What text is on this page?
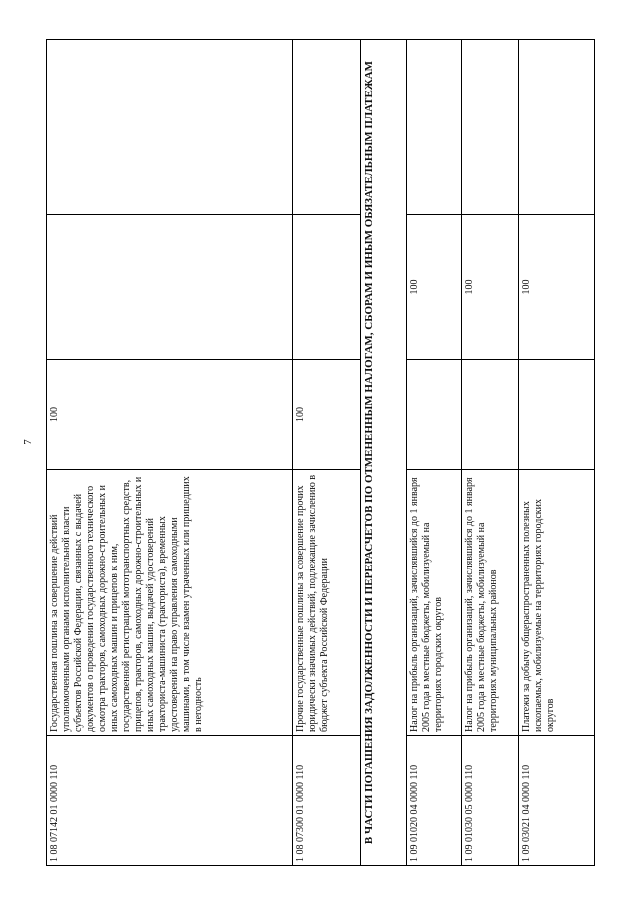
7
1 08 07142 01 0000 110	Государственная пошлина за совершение действий уполномоченными органами исполнительной власти субъектов Российской Федерации, связанных с выдачей документов о проведении государственного технического осмотра тракторов, самоходных дорожно-строительных и иных самоходных машин и прицепов к ним, государственной регистрацией мототранспортных средств, прицепов, тракторов, самоходных дорожно-строительных и иных самоходных машин, выдачей удостоверений тракториста-машиниста (тракториста), временных удостоверений на право управления самоходными машинами, в том числе взамен утраченных или пришедших в негодность	100		
1 08 07300 01 0000 110	Прочие государственные пошлины за совершение прочих юридически значимых действий, подлежащие зачислению в бюджет субъекта Российской Федерации	100		
В ЧАСТИ ПОГАШЕНИЯ ЗАДОЛЖЕННОСТИ И ПЕРЕРАСЧЕТОВ ПО ОТМЕНЕННЫМ НАЛОГАМ, СБОРАМ И ИНЫМ ОБЯЗАТЕЛЬНЫМ ПЛАТЕЖАМ				
1 09 01020 04 0000 110	Налог на прибыль организаций, зачислявшийся до 1 января 2005 года в местные бюджеты, мобилизуемый на территориях городских округов		100	
1 09 01030 05 0000 110	Налог на прибыль организаций, зачислявшийся до 1 января 2005 года в местные бюджеты, мобилизуемый на территориях муниципальных районов		100	
1 09 03021 04 0000 110	Платежи за добычу общераспространенных полезных ископаемых, мобилизуемые на территориях городских округов		100	
